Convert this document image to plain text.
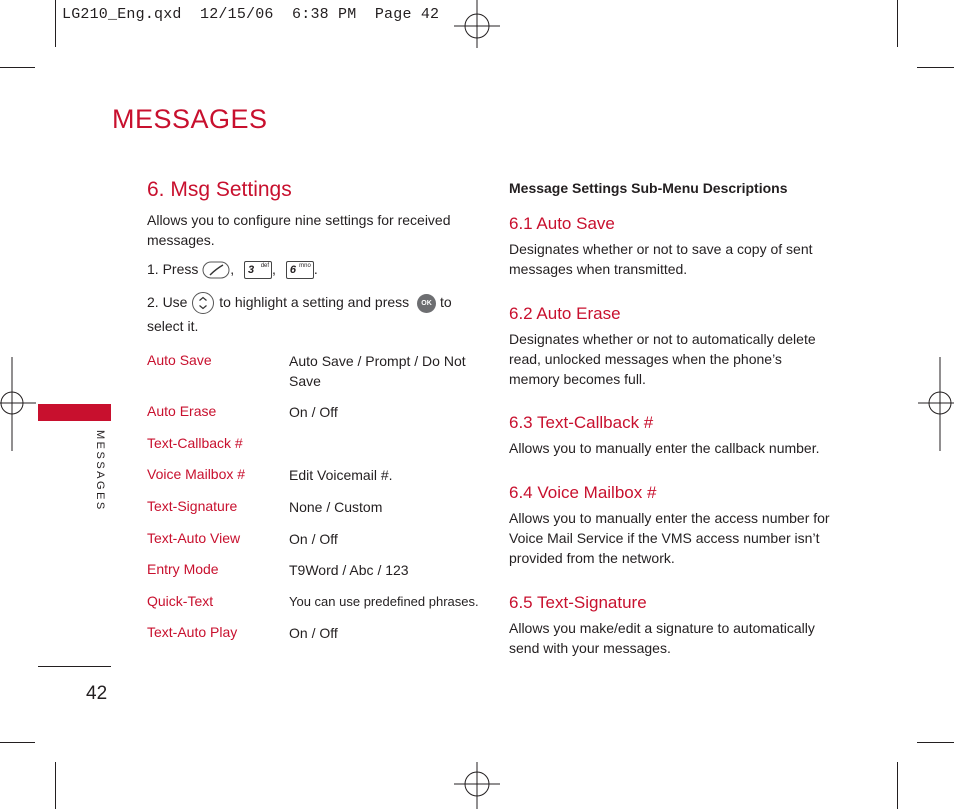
LG210_Eng.qxd  12/15/06  6:38 PM  Page 42
MESSAGES
MESSAGES
42
6. Msg Settings
Allows you to configure nine settings for received messages.
1. Press , 3 def , 6 mno .
2. Use to highlight a setting and press OK to select it.
Auto Save	Auto Save / Prompt / Do Not Save
Auto Erase	On / Off
Text-Callback #
Voice Mailbox #	Edit Voicemail #.
Text-Signature	None / Custom
Text-Auto View	On / Off
Entry Mode	T9Word / Abc / 123
Quick-Text	You can use predefined phrases.
Text-Auto Play	On / Off
Message Settings Sub-Menu Descriptions
6.1 Auto Save
Designates whether or not to save a copy of sent messages when transmitted.
6.2 Auto Erase
Designates whether or not to automatically delete read, unlocked messages when the phone’s memory becomes full.
6.3 Text-Callback #
Allows you to manually enter the callback number.
6.4 Voice Mailbox #
Allows you to manually enter the access number for Voice Mail Service if the VMS access number isn’t provided from the network.
6.5 Text-Signature
Allows you make/edit a signature to automatically send with your messages.
